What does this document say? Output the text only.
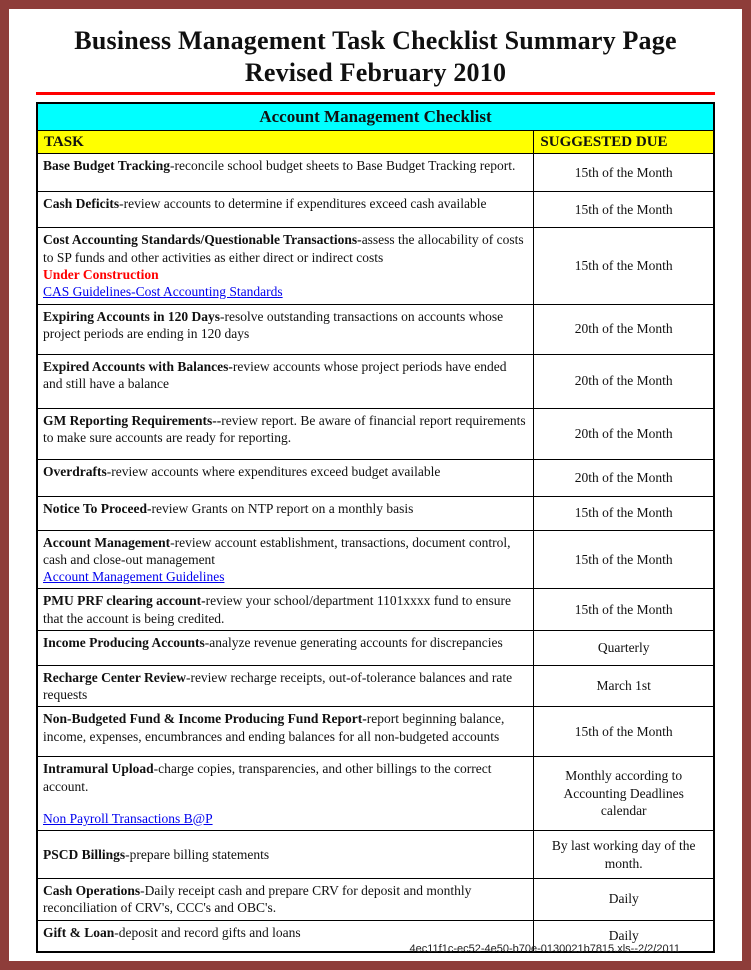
Business Management Task Checklist Summary Page
Revised February 2010
Account Management Checklist	
TASK	SUGGESTED DUE

Base Budget Tracking-reconcile school budget sheets to Base Budget Tracking report.	15th of the Month

Cash Deficits-review accounts to determine if expenditures exceed cash available	15th of the Month

Cost Accounting Standards/Questionable Transactions-assess the allocability of costs to SP funds and other activities as either direct or indirect costs
Under Construction
CAS Guidelines-Cost Accounting Standards	15th of the Month

Expiring Accounts in 120 Days-resolve outstanding transactions on accounts whose project periods are ending in 120 days	20th of the Month

Expired Accounts with Balances-review accounts whose project periods have ended and still have a balance	20th of the Month

GM Reporting Requirements--review report. Be aware of financial report requirements to make sure accounts are ready for reporting.	20th of the Month

Overdrafts-review accounts where expenditures exceed budget available	20th of the Month

Notice To Proceed-review Grants on NTP report on a monthly basis	15th of the Month

Account Management-review account establishment, transactions, document control, cash and close-out management
Account Management Guidelines	15th of the Month

PMU PRF clearing account-review your school/department 1101xxxx fund to ensure that the account is being credited.	15th of the Month

Income Producing Accounts-analyze revenue generating accounts for discrepancies	Quarterly

Recharge Center Review-review recharge receipts, out-of-tolerance balances and rate requests	March 1st

Non-Budgeted Fund & Income Producing Fund Report-report beginning balance, income, expenses, encumbrances and ending balances for all non-budgeted accounts	15th of the Month

Intramural Upload-charge copies, transparencies, and other billings to the correct account.
Non Payroll Transactions B@P	Monthly according to Accounting Deadlines calendar

PSCD Billings-prepare billing statements	By last working day of the month.

Cash Operations-Daily receipt cash and prepare CRV for deposit and monthly reconciliation of CRV's, CCC's and OBC's.	Daily

Gift & Loan-deposit and record gifts and loans	Daily
4ec11f1c-ec52-4e50-b70e-0130021b7815.xls--2/2/2011
